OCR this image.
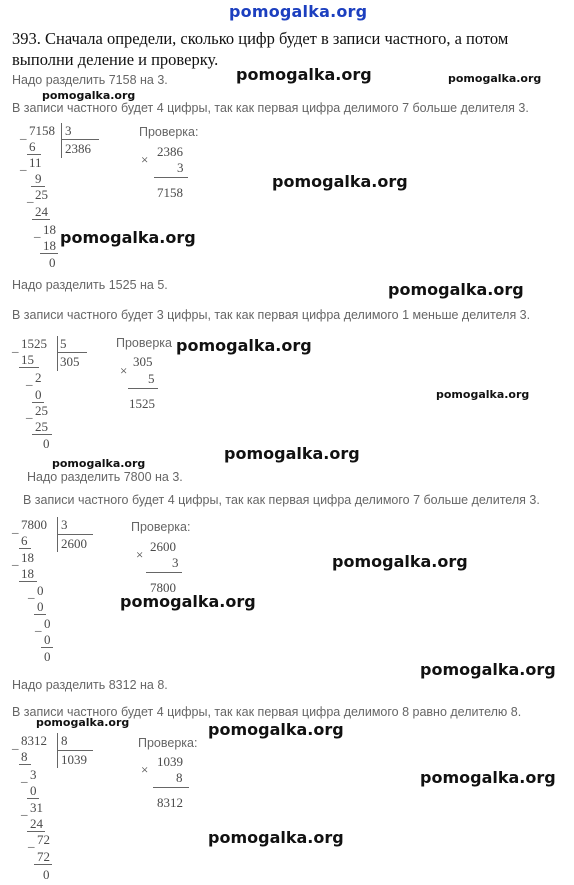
pomogalka.org
393. Сначала определи, сколько цифр будет в записи частного, а потом
выполни деление и проверку.
pomogalka.org	pomogalka.org
pomogalka.org
pomogalka.org
pomogalka.org
pomogalka.org
pomogalka.org
pomogalka.org
pomogalka.org
pomogalka.org
pomogalka.org
pomogalka.org
pomogalka.org
pomogalka.org	pomogalka.org
pomogalka.org
pomogalka.org
Надо разделить 7158 на 3.
В записи частного будет 4 цифры, так как первая цифра делимого 7 больше делителя 3.
_ 7158 3
2386
6
_ 11
9
_ 25
24
_ 18
18
0
Проверка:
×
2386
3
7158
Надо разделить 1525 на 5.
В записи частного будет 3 цифры, так как первая цифра делимого 1 меньше делителя 3.
_ 1525 5
305
15
_ 2
0
_ 25
25
0
Проверка
×
305
5
1525
Надо разделить 7800 на 3.
В записи частного будет 4 цифры, так как первая цифра делимого 7 больше делителя 3.
_ 7800 3
2600
6
_ 18
18
_ 0
0
_ 0
0
0
Проверка:
×
2600
3
7800
Надо разделить 8312 на 8.
В записи частного будет 4 цифры, так как первая цифра делимого 8 равно делителю 8.
_ 8312 8
1039
8
_ 3
0
_ 31
24
_ 72
72
0
Проверка:
×
1039
8
8312
